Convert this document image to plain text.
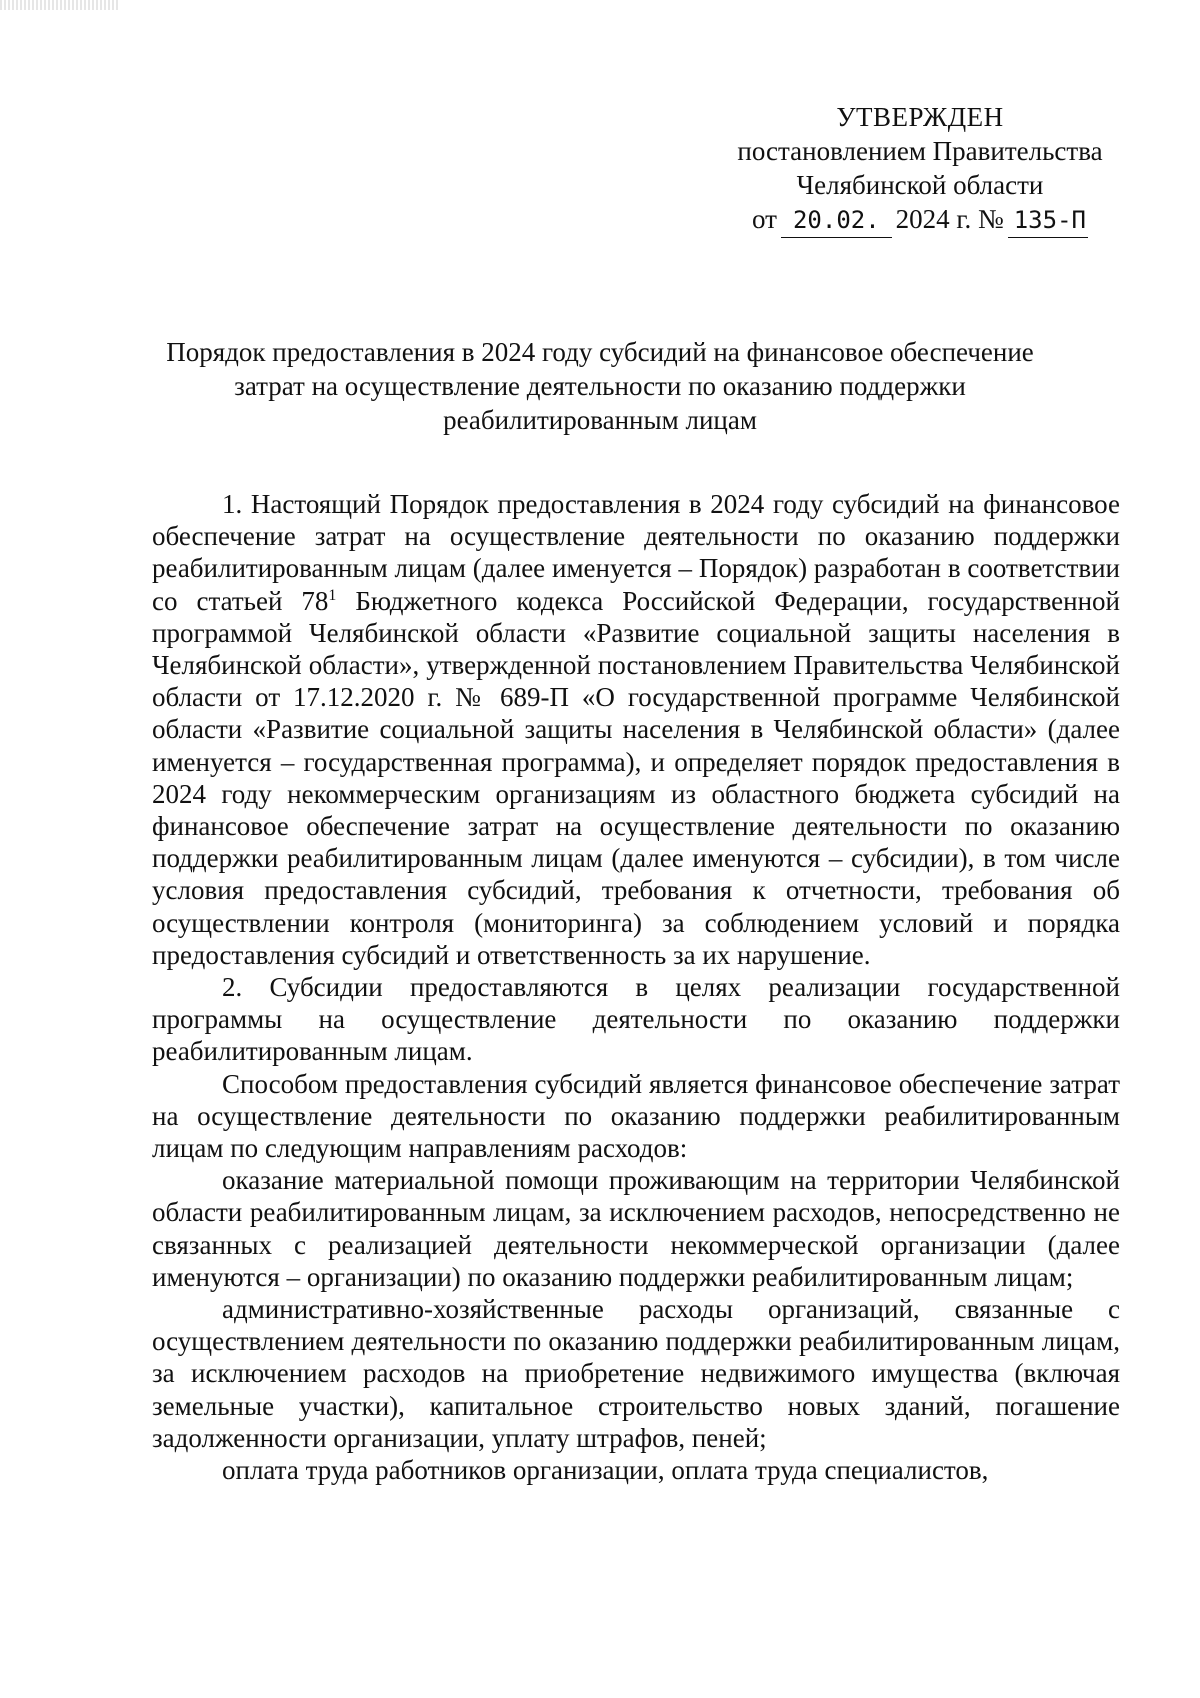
УТВЕРЖДЕН
постановлением Правительства
Челябинской области
от 20.02. 2024 г. № 135-П
Порядок предоставления в 2024 году субсидий на финансовое обеспечение
затрат на осуществление деятельности по оказанию поддержки
реабилитированным лицам

1. Настоящий Порядок предоставления в 2024 году субсидий на финансовое обеспечение затрат на осуществление деятельности по оказанию поддержки реабилитированным лицам (далее именуется – Порядок) разработан в соответствии со статьей $78^1$ Бюджетного кодекса Российской Федерации, государственной программой Челябинской области «Развитие социальной защиты населения в Челябинской области», утвержденной постановлением Правительства Челябинской области от 17.12.2020 г. № 689-П «О государственной программе Челябинской области «Развитие социальной защиты населения в Челябинской области» (далее именуется – государственная программа), и определяет порядок предоставления в 2024 году некоммерческим организациям из областного бюджета субсидий на финансовое обеспечение затрат на осуществление деятельности по оказанию поддержки реабилитированным лицам (далее именуются – субсидии), в том числе условия предоставления субсидий, требования к отчетности, требования об осуществлении контроля (мониторинга) за соблюдением условий и порядка предоставления субсидий и ответственность за их нарушение.

2. Субсидии предоставляются в целях реализации государственной программы на осуществление деятельности по оказанию поддержки реабилитированным лицам.

Способом предоставления субсидий является финансовое обеспечение затрат на осуществление деятельности по оказанию поддержки реабилитированным лицам по следующим направлениям расходов:

оказание материальной помощи проживающим на территории Челябинской области реабилитированным лицам, за исключением расходов, непосредственно не связанных с реализацией деятельности некоммерческой организации (далее именуются – организации) по оказанию поддержки реабилитированным лицам;

административно-хозяйственные расходы организаций, связанные с осуществлением деятельности по оказанию поддержки реабилитированным лицам, за исключением расходов на приобретение недвижимого имущества (включая земельные участки), капитальное строительство новых зданий, погашение задолженности организации, уплату штрафов, пеней;

оплата труда работников организации, оплата труда специалистов,
